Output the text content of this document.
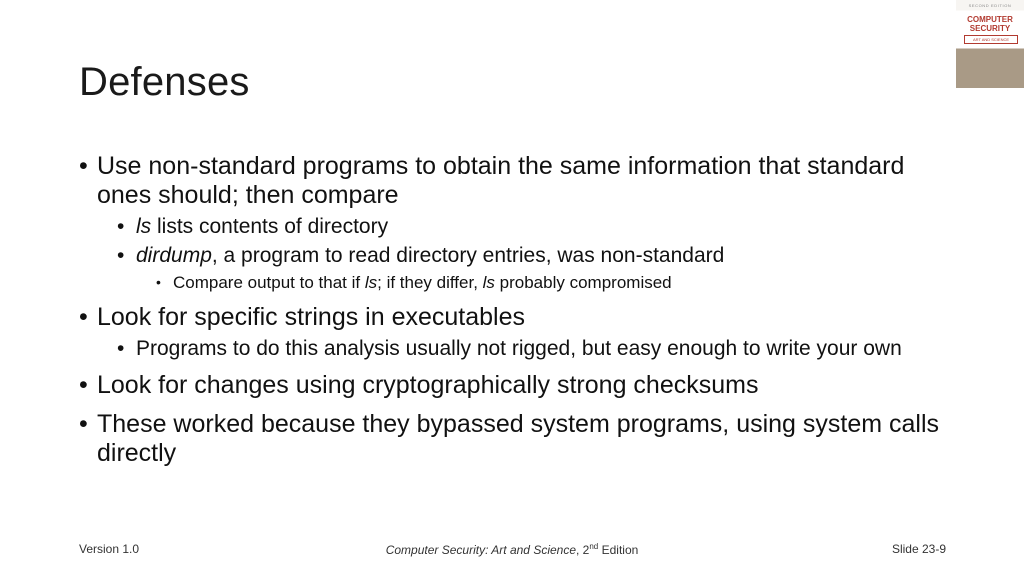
Defenses
SECOND EDITION
COMPUTER
SECURITY
ART AND SCIENCE
• Use non-standard programs to obtain the same information that standard ones should; then compare
• ls lists contents of directory
• dirdump, a program to read directory entries, was non-standard
• Compare output to that if ls; if they differ, ls probably compromised
• Look for specific strings in executables
• Programs to do this analysis usually not rigged, but easy enough to write your own
• Look for changes using cryptographically strong checksums
• These worked because they bypassed system programs, using system calls directly
Version 1.0	Computer Security: Art and Science, 2nd Edition	Slide 23-9
